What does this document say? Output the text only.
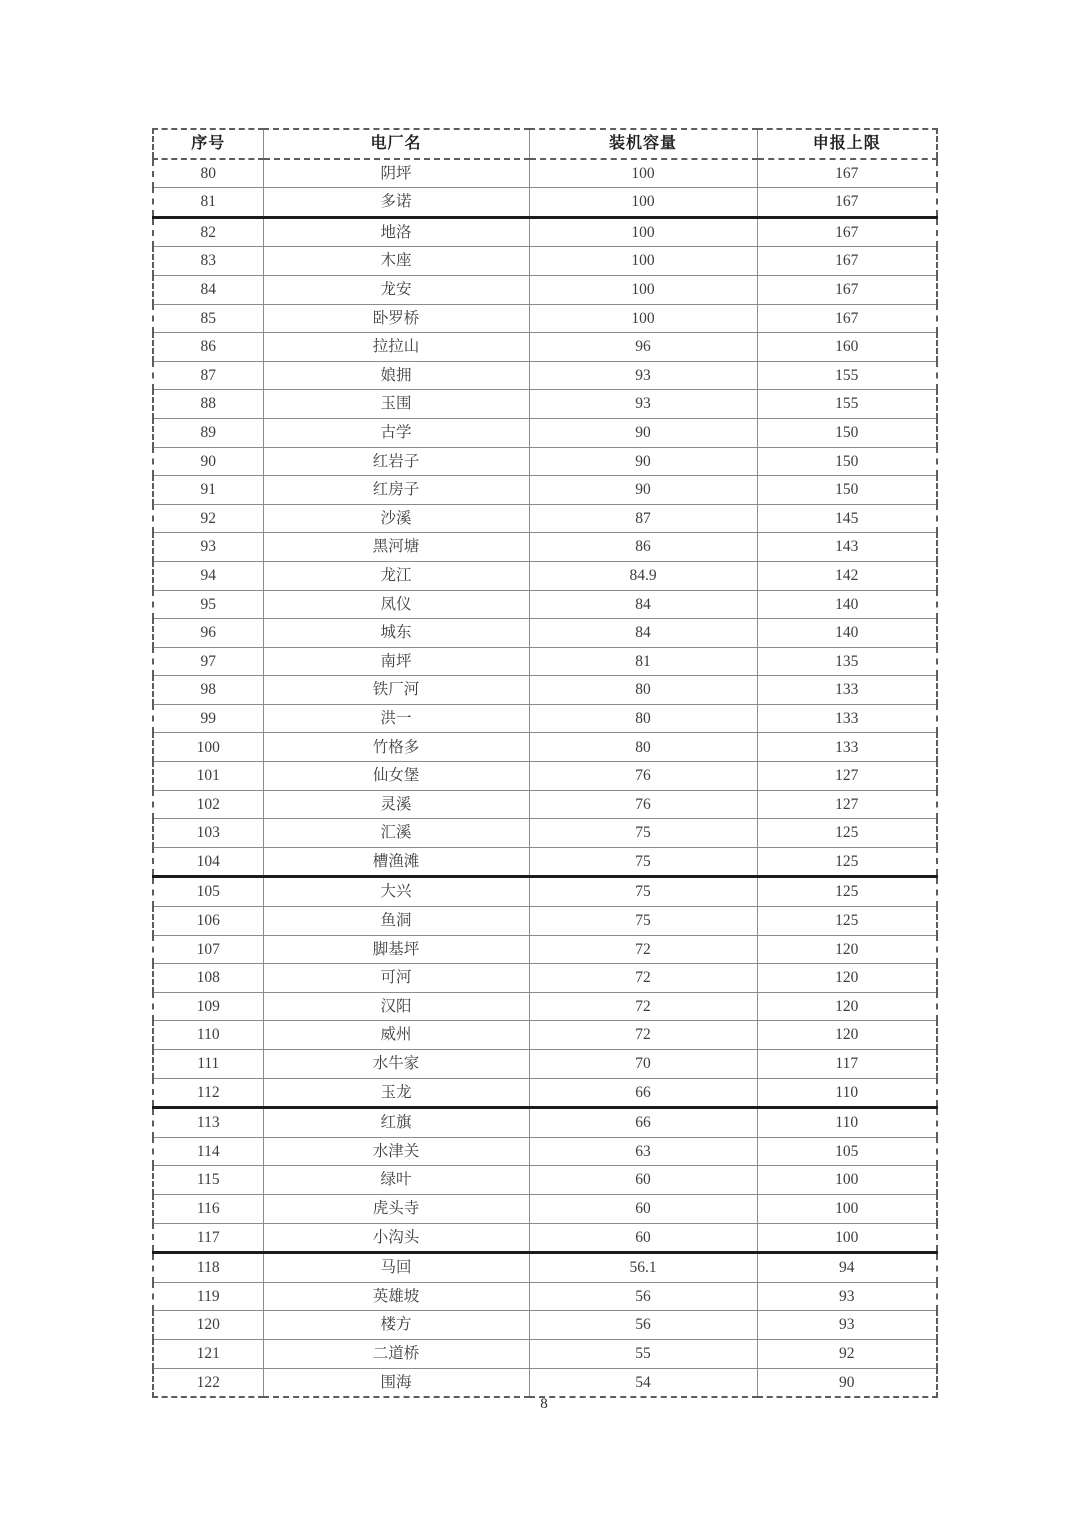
序号	电厂名	装机容量	申报上限
80	阴坪	100	167
81	多诺	100	167
82	地洛	100	167
83	木座	100	167
84	龙安	100	167
85	卧罗桥	100	167
86	拉拉山	96	160
87	娘拥	93	155
88	玉围	93	155
89	古学	90	150
90	红岩子	90	150
91	红房子	90	150
92	沙溪	87	145
93	黑河塘	86	143
94	龙江	84.9	142
95	凤仪	84	140
96	城东	84	140
97	南坪	81	135
98	铁厂河	80	133
99	洪一	80	133
100	竹格多	80	133
101	仙女堡	76	127
102	灵溪	76	127
103	汇溪	75	125
104	槽渔滩	75	125
105	大兴	75	125
106	鱼洞	75	125
107	脚基坪	72	120
108	可河	72	120
109	汉阳	72	120
110	威州	72	120
111	水牛家	70	117
112	玉龙	66	110
113	红旗	66	110
114	水津关	63	105
115	绿叶	60	100
116	虎头寺	60	100
117	小沟头	60	100
118	马回	56.1	94
119	英雄坡	56	93
120	楼方	56	93
121	二道桥	55	92
122	围海	54	90
8
